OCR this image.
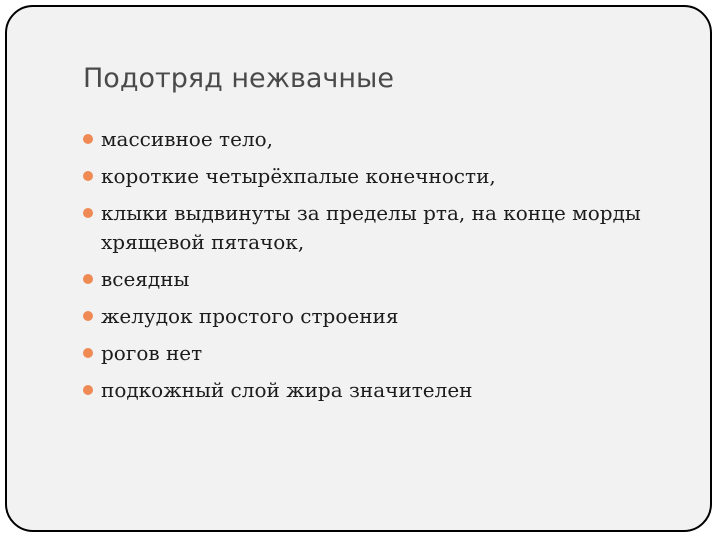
Подотряд нежвачные
массивное тело,
короткие четырёхпалые конечности,
клыки выдвинуты за пределы рта, на конце морды хрящевой пятачок,
всеядны
желудок простого строения
рогов нет
подкожный слой жира значителен
